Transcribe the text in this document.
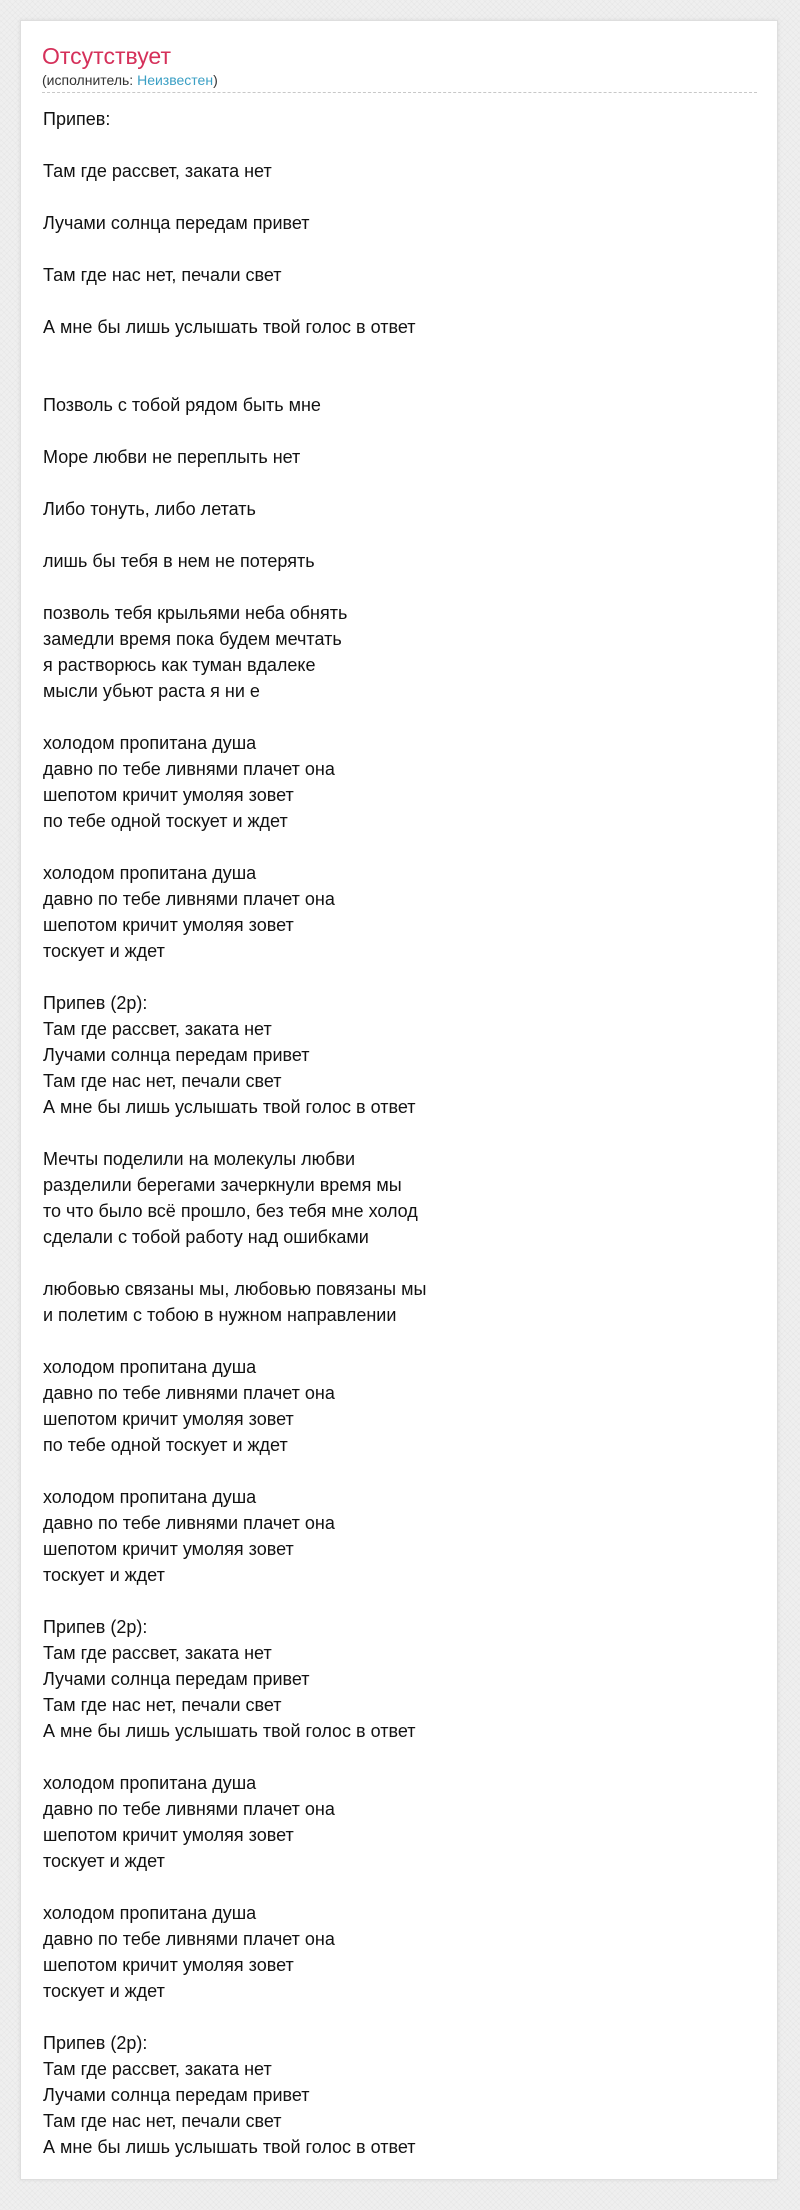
Отсутствует
(исполнитель: Неизвестен)
Припев:
Там где рассвет, заката нет
Лучами солнца передам привет
Там где нас нет, печали свет
А мне бы лишь услышать твой голос в ответ
Позволь с тобой рядом быть мне
Море любви не переплыть нет
Либо тонуть, либо летать
лишь бы тебя в нем не потерять
позволь тебя крыльями неба обнять
замедли время пока будем мечтать
я растворюсь как туман вдалеке
мысли убьют раста я ни е
холодом пропитана душа
давно по тебе ливнями плачет она
шепотом кричит умоляя зовет
по тебе одной тоскует и ждет
холодом пропитана душа
давно по тебе ливнями плачет она
шепотом кричит умоляя зовет
тоскует и ждет
Припев (2р):
Там где рассвет, заката нет
Лучами солнца передам привет
Там где нас нет, печали свет
А мне бы лишь услышать твой голос в ответ
Мечты поделили на молекулы любви
разделили берегами зачеркнули время мы
то что было всё прошло, без тебя мне холод
сделали с тобой работу над ошибками
любовью связаны мы, любовью повязаны мы
и полетим с тобою в нужном направлении
холодом пропитана душа
давно по тебе ливнями плачет она
шепотом кричит умоляя зовет
по тебе одной тоскует и ждет
холодом пропитана душа
давно по тебе ливнями плачет она
шепотом кричит умоляя зовет
тоскует и ждет
Припев (2р):
Там где рассвет, заката нет
Лучами солнца передам привет
Там где нас нет, печали свет
А мне бы лишь услышать твой голос в ответ
холодом пропитана душа
давно по тебе ливнями плачет она
шепотом кричит умоляя зовет
тоскует и ждет
холодом пропитана душа
давно по тебе ливнями плачет она
шепотом кричит умоляя зовет
тоскует и ждет
Припев (2р):
Там где рассвет, заката нет
Лучами солнца передам привет
Там где нас нет, печали свет
А мне бы лишь услышать твой голос в ответ
